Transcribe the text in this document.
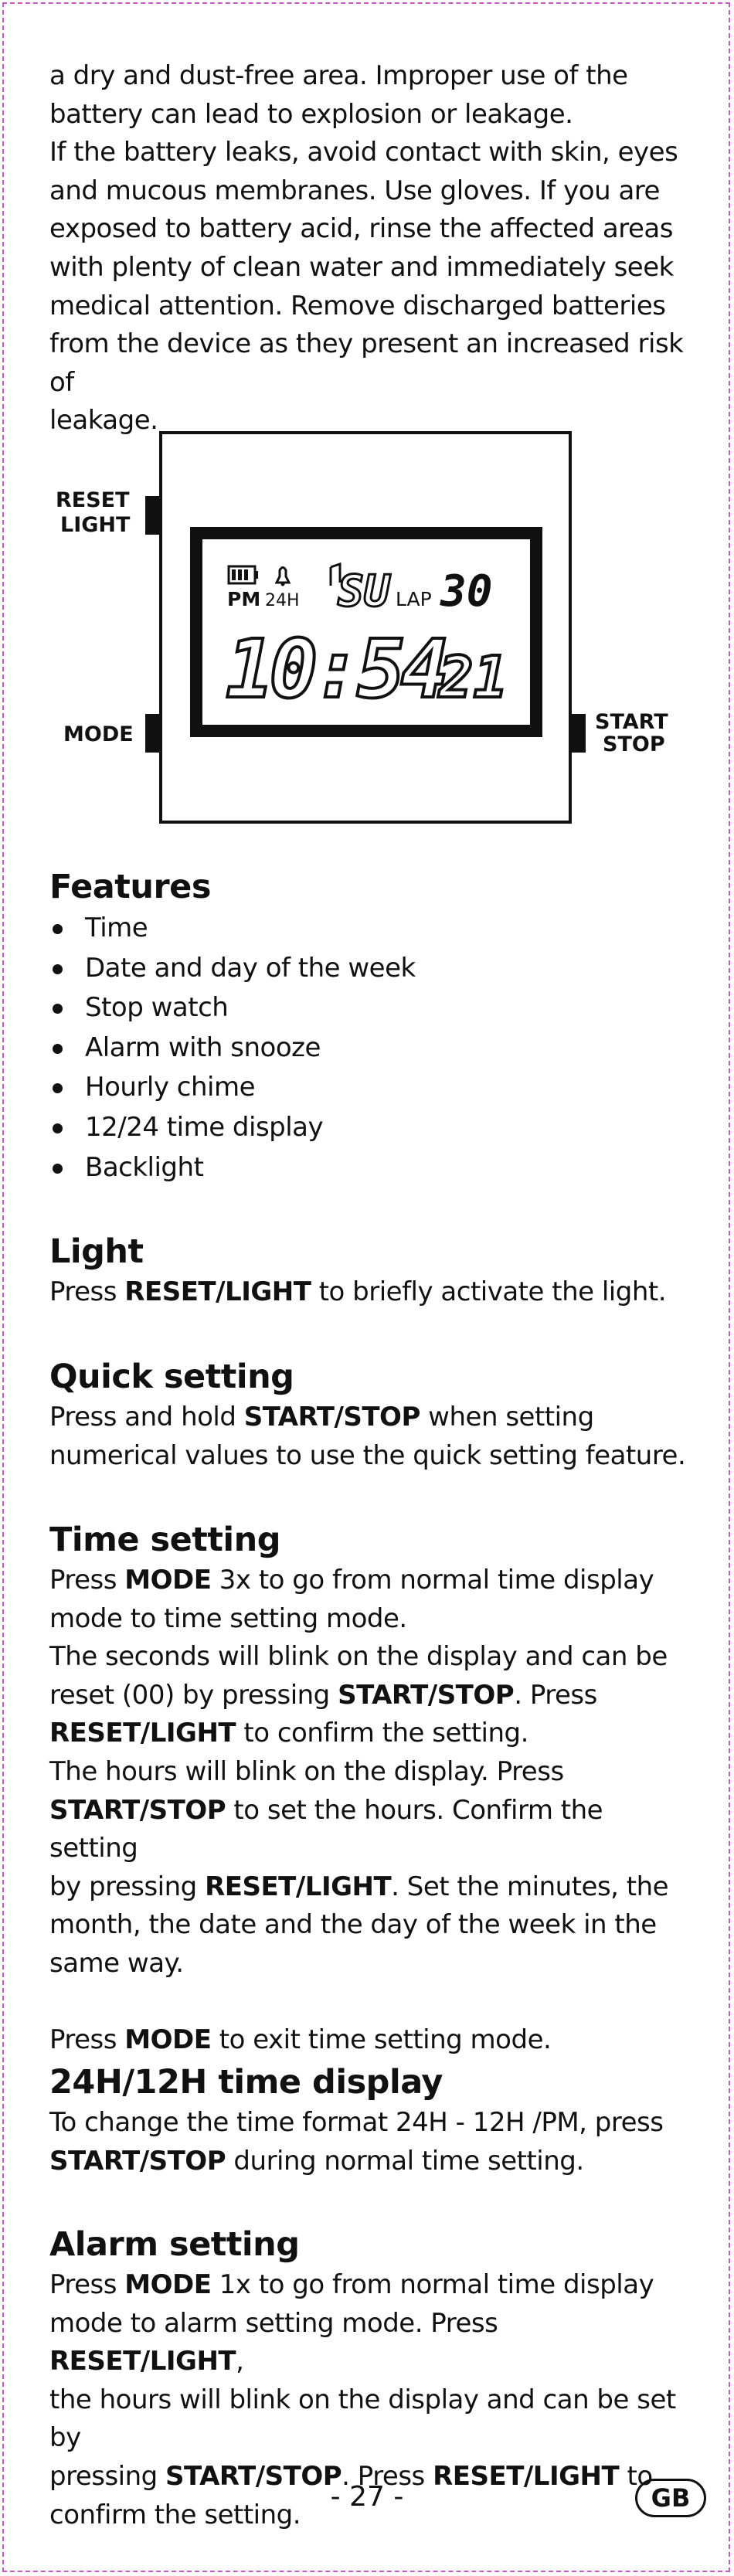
a dry and dust-free area. Improper use of the

battery can lead to explosion or leakage.

If the battery leaks, avoid contact with skin, eyes

and mucous membranes. Use gloves. If you are

exposed to battery acid, rinse the affected areas

with plenty of clean water and immediately seek

medical attention. Remove discharged batteries

from the device as they present an increased risk of

leakage.

PM 24H SU LAP 30
10:54
21
RESET
LIGHT
MODE
START
STOP
Features
Time
Date and day of the week
Stop watch
Alarm with snooze
Hourly chime
12/24 time display
Backlight
Light

Press RESET/LIGHT to briefly activate the light.

Quick setting

Press and hold START/STOP when setting

numerical values to use the quick setting feature.

Time setting

Press MODE 3x to go from normal time display

mode to time setting mode.

The seconds will blink on the display and can be

reset (00) by pressing START/STOP. Press

RESET/LIGHT to confirm the setting.

The hours will blink on the display. Press

START/STOP to set the hours. Confirm the setting

by pressing RESET/LIGHT. Set the minutes, the

month, the date and the day of the week in the

same way.

Press MODE to exit time setting mode.

24H/12H time display

To change the time format 24H - 12H /PM, press

START/STOP during normal time setting.

Alarm setting

Press MODE 1x to go from normal time display

mode to alarm setting mode. Press RESET/LIGHT,

the hours will blink on the display and can be set by

pressing START/STOP. Press RESET/LIGHT to

confirm the setting.

- 27 -	GB
